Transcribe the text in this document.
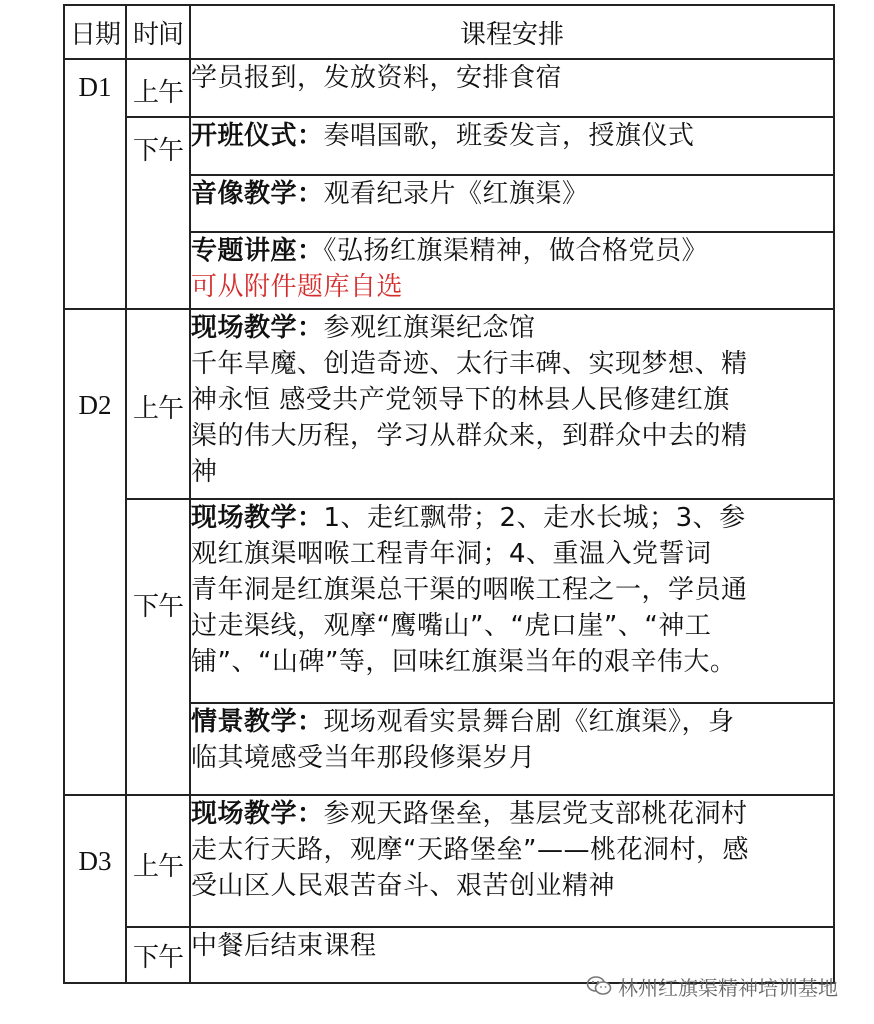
日期	时间	课程安排

D1	上午	学员报到，发放资料，安排食宿

	下午	开班仪式：奏唱国歌，班委发言，授旗仪式
		音像教学：观看纪录片《红旗渠》
		专题讲座：《弘扬红旗渠精神，做合格党员》
可从附件题库自选

D2	上午	现场教学：参观红旗渠纪念馆
千年旱魔、创造奇迹、太行丰碑、实现梦想、精
神永恒 感受共产党领导下的林县人民修建红旗
渠的伟大历程，学习从群众来，到群众中去的精
神

	下午	现场教学：1、走红飘带；2、走水长城；3、参
观红旗渠咽喉工程青年洞；4、重温入党誓词
青年洞是红旗渠总干渠的咽喉工程之一，学员通
过走渠线，观摩“鹰嘴山”、“虎口崖”、“神工
铺”、“山碑”等，回味红旗渠当年的艰辛伟大。

		情景教学：现场观看实景舞台剧《红旗渠》，身
临其境感受当年那段修渠岁月

D3	上午	现场教学：参观天路堡垒，基层党支部桃花洞村
走太行天路，观摩“天路堡垒”——桃花洞村，感
受山区人民艰苦奋斗、艰苦创业精神

	下午	中餐后结束课程
林州红旗渠精神培训基地
